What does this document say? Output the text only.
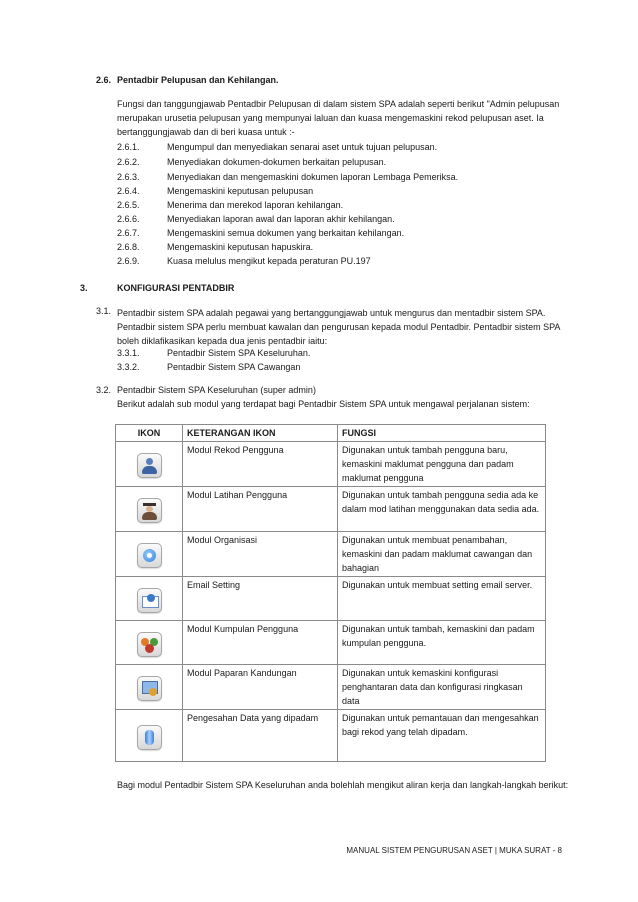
2.6. Pentadbir Pelupusan dan Kehilangan.
Fungsi dan tanggungjawab Pentadbir Pelupusan di dalam sistem SPA adalah seperti berikut "Admin pelupusan
merupakan urusetia pelupusan yang mempunyai laluan dan kuasa mengemaskini rekod pelupusan aset. Ia
bertanggungjawab dan di beri kuasa untuk :-
2.6.1.	Mengumpul dan menyediakan senarai aset untuk tujuan pelupusan.
2.6.2.	Menyediakan dokumen-dokumen berkaitan pelupusan.
2.6.3.	Menyediakan dan mengemaskini dokumen laporan Lembaga Pemeriksa.
2.6.4.	Mengemaskini keputusan pelupusan
2.6.5.	Menerima dan merekod laporan kehilangan.
2.6.6.	Menyediakan laporan awal dan laporan akhir kehilangan.
2.6.7.	Mengemaskini semua dokumen yang berkaitan kehilangan.
2.6.8.	Mengemaskini keputusan hapuskira.
2.6.9.	Kuasa melulus mengikut kepada peraturan PU.197
3.	KONFIGURASI PENTADBIR
3.1. Pentadbir sistem SPA adalah pegawai yang bertanggungjawab untuk mengurus dan mentadbir sistem SPA.
Pentadbir sistem SPA perlu membuat kawalan dan pengurusan kepada modul Pentadbir. Pentadbir sistem SPA
boleh diklafikasikan kepada dua jenis pentadbir iaitu:
3.3.1.	Pentadbir Sistem SPA Keseluruhan.
3.3.2.	Pentadbir Sistem SPA Cawangan
3.2. Pentadbir Sistem SPA Keseluruhan (super admin)
Berikut adalah sub modul yang terdapat bagi Pentadbir Sistem SPA untuk mengawal perjalanan sistem:
IKON	KETERANGAN IKON	FUNGSI

	Modul Rekod Pengguna	Digunakan untuk tambah pengguna baru,
kemaskini maklumat pengguna dan padam
maklumat pengguna

	Modul Latihan Pengguna	Digunakan untuk tambah pengguna sedia ada ke
dalam mod latihan menggunakan data sedia ada.

	Modul Organisasi	Digunakan untuk membuat penambahan,
kemaskini dan padam maklumat cawangan dan
bahagian

	Email Setting	Digunakan untuk membuat setting email server.

	Modul Kumpulan Pengguna	Digunakan untuk tambah, kemaskini dan padam
kumpulan pengguna.

	Modul Paparan Kandungan	Digunakan untuk kemaskini konfigurasi
penghantaran data dan konfigurasi ringkasan
data

	Pengesahan Data yang dipadam	Digunakan untuk pemantauan dan mengesahkan
bagi rekod yang telah dipadam.
Bagi modul Pentadbir Sistem SPA Keseluruhan anda bolehlah mengikut aliran kerja dan langkah-langkah berikut:
MANUAL SISTEM PENGURUSAN ASET | MUKA SURAT - 8
